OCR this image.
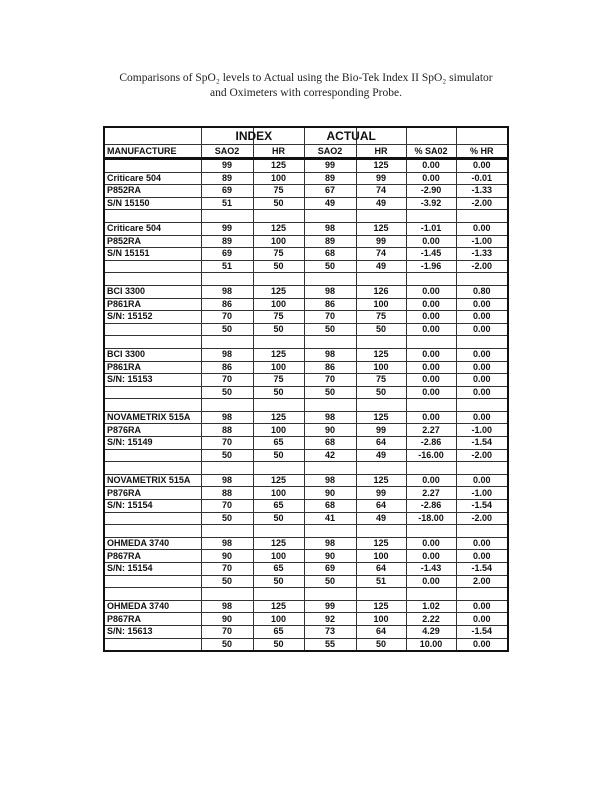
Comparisons of SpO₂ levels to Actual using the Bio-Tek Index II SpO₂ simulator
and Oximeters with corresponding Probe.
		INDEX		ACTUAL		
MANUFACTURE	SAO2	HR	SAO2	HR	% SA02	% HR
	99	125	99	125	0.00	0.00
Criticare 504	89	100	89	99	0.00	-0.01
P852RA	69	75	67	74	-2.90	-1.33
S/N 15150	51	50	49	49	-3.92	-2.00

Criticare 504	99	125	98	125	-1.01	0.00
P852RA	89	100	89	99	0.00	-1.00
S/N 15151	69	75	68	74	-1.45	-1.33
	51	50	50	49	-1.96	-2.00

BCI 3300	98	125	98	126	0.00	0.80
P861RA	86	100	86	100	0.00	0.00
S/N: 15152	70	75	70	75	0.00	0.00
	50	50	50	50	0.00	0.00

BCI 3300	98	125	98	125	0.00	0.00
P861RA	86	100	86	100	0.00	0.00
S/N: 15153	70	75	70	75	0.00	0.00
	50	50	50	50	0.00	0.00

NOVAMETRIX 515A	98	125	98	125	0.00	0.00
P876RA	88	100	90	99	2.27	-1.00
S/N: 15149	70	65	68	64	-2.86	-1.54
	50	50	42	49	-16.00	-2.00

NOVAMETRIX 515A	98	125	98	125	0.00	0.00
P876RA	88	100	90	99	2.27	-1.00
S/N: 15154	70	65	68	64	-2.86	-1.54
	50	50	41	49	-18.00	-2.00

OHMEDA 3740	98	125	98	125	0.00	0.00
P867RA	90	100	90	100	0.00	0.00
S/N: 15154	70	65	69	64	-1.43	-1.54
	50	50	50	51	0.00	2.00

OHMEDA 3740	98	125	99	125	1.02	0.00
P867RA	90	100	92	100	2.22	0.00
S/N: 15613	70	65	73	64	4.29	-1.54
	50	50	55	50	10.00	0.00
